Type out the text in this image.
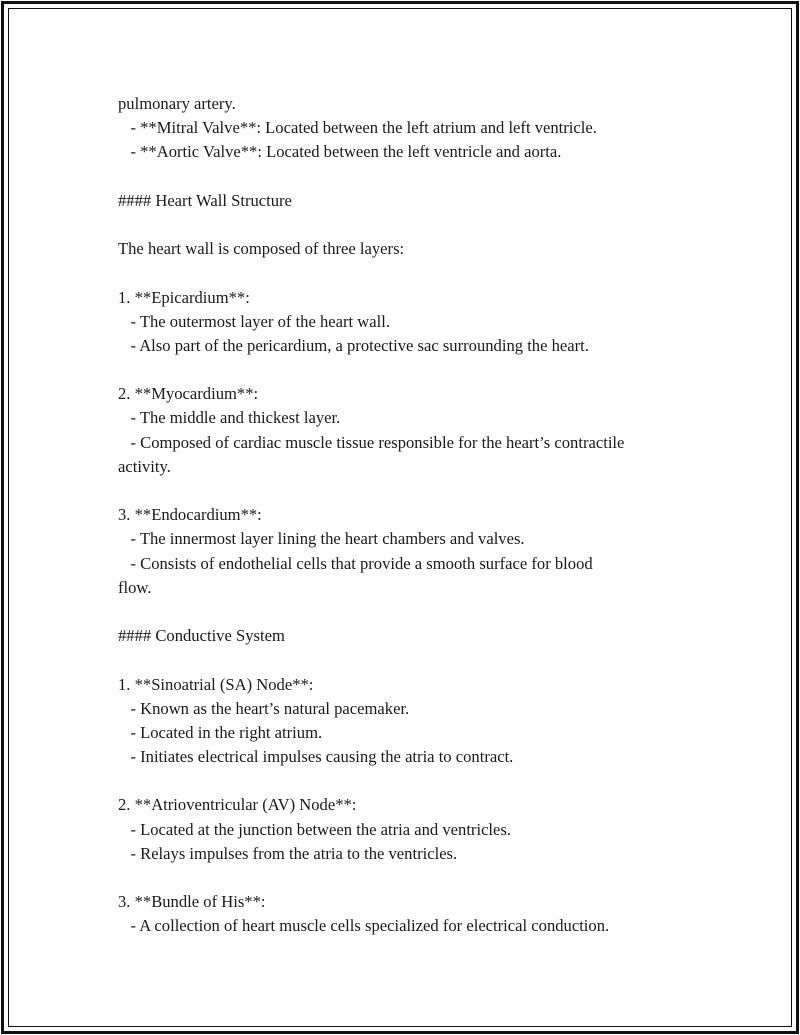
pulmonary artery.
- **Mitral Valve**: Located between the left atrium and left ventricle.
- **Aortic Valve**: Located between the left ventricle and aorta.
#### Heart Wall Structure
The heart wall is composed of three layers:
1. **Epicardium**:
- The outermost layer of the heart wall.
- Also part of the pericardium, a protective sac surrounding the heart.
2. **Myocardium**:
- The middle and thickest layer.
- Composed of cardiac muscle tissue responsible for the heart’s contractile
activity.
3. **Endocardium**:
- The innermost layer lining the heart chambers and valves.
- Consists of endothelial cells that provide a smooth surface for blood
flow.
#### Conductive System
1. **Sinoatrial (SA) Node**:
- Known as the heart’s natural pacemaker.
- Located in the right atrium.
- Initiates electrical impulses causing the atria to contract.
2. **Atrioventricular (AV) Node**:
- Located at the junction between the atria and ventricles.
- Relays impulses from the atria to the ventricles.
3. **Bundle of His**:
- A collection of heart muscle cells specialized for electrical conduction.
